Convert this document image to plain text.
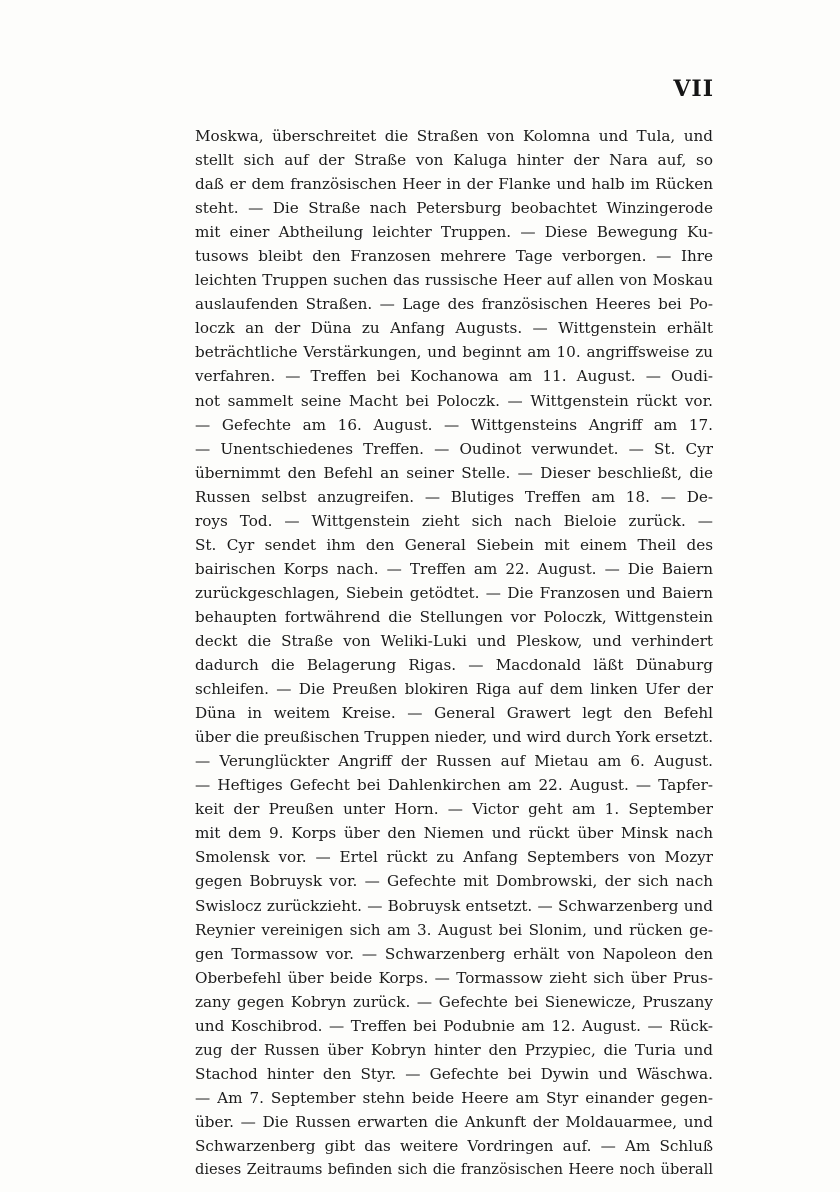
VII
Moskwa, überschreitet die Straßen von Kolomna und Tula, und
stellt sich auf der Straße von Kaluga hinter der Nara auf, so
daß er dem französischen Heer in der Flanke und halb im Rücken
steht. — Die Straße nach Petersburg beobachtet Winzingerode
mit einer Abtheilung leichter Truppen. — Diese Bewegung Ku-
tusows bleibt den Franzosen mehrere Tage verborgen. — Ihre
leichten Truppen suchen das russische Heer auf allen von Moskau
auslaufenden Straßen. — Lage des französischen Heeres bei Po-
loczk an der Düna zu Anfang Augusts. — Wittgenstein erhält
beträchtliche Verstärkungen, und beginnt am 10. angriffsweise zu
verfahren. — Treffen bei Kochanowa am 11. August. — Oudi-
not sammelt seine Macht bei Poloczk. — Wittgenstein rückt vor.
— Gefechte am 16. August. — Wittgensteins Angriff am 17.
— Unentschiedenes Treffen. — Oudinot verwundet. — St. Cyr
übernimmt den Befehl an seiner Stelle. — Dieser beschließt, die
Russen selbst anzugreifen. — Blutiges Treffen am 18. — De-
roys Tod. — Wittgenstein zieht sich nach Bieloie zurück. —
St. Cyr sendet ihm den General Siebein mit einem Theil des
bairischen Korps nach. — Treffen am 22. August. — Die Baiern
zurückgeschlagen, Siebein getödtet. — Die Franzosen und Baiern
behaupten fortwährend die Stellungen vor Poloczk, Wittgenstein
deckt die Straße von Weliki-Luki und Pleskow, und verhindert
dadurch die Belagerung Rigas. — Macdonald läßt Dünaburg
schleifen. — Die Preußen blokiren Riga auf dem linken Ufer der
Düna in weitem Kreise. — General Grawert legt den Befehl
über die preußischen Truppen nieder, und wird durch York ersetzt.
— Verunglückter Angriff der Russen auf Mietau am 6. August.
— Heftiges Gefecht bei Dahlenkirchen am 22. August. — Tapfer-
keit der Preußen unter Horn. — Victor geht am 1. September
mit dem 9. Korps über den Niemen und rückt über Minsk nach
Smolensk vor. — Ertel rückt zu Anfang Septembers von Mozyr
gegen Bobruysk vor. — Gefechte mit Dombrowski, der sich nach
Swislocz zurückzieht. — Bobruysk entsetzt. — Schwarzenberg und
Reynier vereinigen sich am 3. August bei Slonim, und rücken ge-
gen Tormassow vor. — Schwarzenberg erhält von Napoleon den
Oberbefehl über beide Korps. — Tormassow zieht sich über Prus-
zany gegen Kobryn zurück. — Gefechte bei Sienewicze, Pruszany
und Koschibrod. — Treffen bei Podubnie am 12. August. — Rück-
zug der Russen über Kobryn hinter den Przypiec, die Turia und
Stachod hinter den Styr. — Gefechte bei Dywin und Wäschwa.
— Am 7. September stehn beide Heere am Styr einander gegen-
über. — Die Russen erwarten die Ankunft der Moldauarmee, und
Schwarzenberg gibt das weitere Vordringen auf. — Am Schluß
dieses Zeitraums befinden sich die französischen Heere noch überall
